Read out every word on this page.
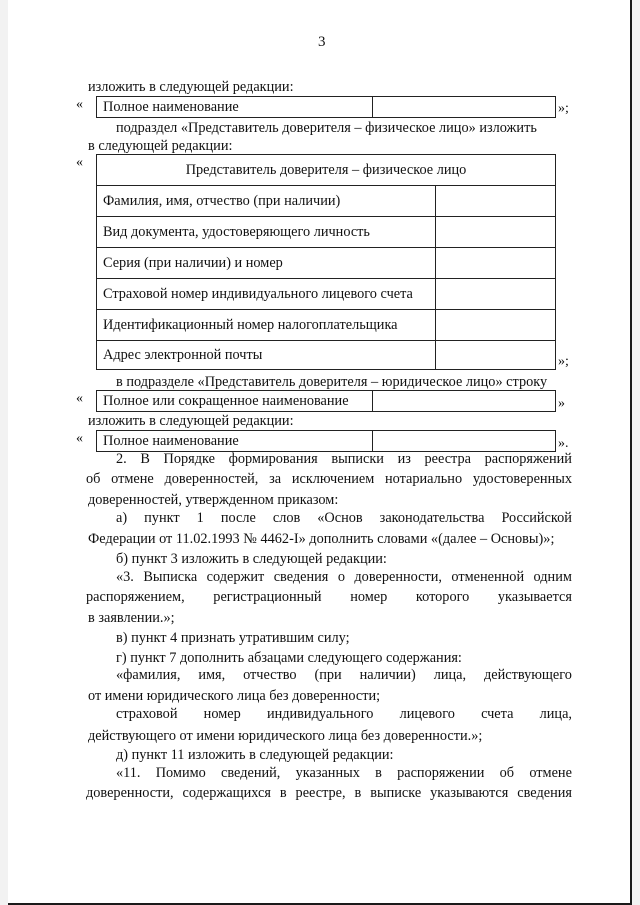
3
изложить в следующей редакции:
«	Полное наименование	»;
подраздел «Представитель доверителя – физическое лицо» изложить
в следующей редакции:
«	Представитель доверителя – физическое лицо
Фамилия, имя, отчество (при наличии)
Вид документа, удостоверяющего личность
Серия (при наличии) и номер
Страховой номер индивидуального лицевого счета
Идентификационный номер налогоплательщика
Адрес электронной почты	»;
в подразделе «Представитель доверителя – юридическое лицо» строку
«	Полное или сокращенное наименование	»
изложить в следующей редакции:
«	Полное наименование	».
2. В Порядке формирования выписки из реестра распоряжений
об отмене доверенностей, за исключением нотариально удостоверенных
доверенностей, утвержденном приказом:
а) пункт 1 после слов «Основ законодательства Российской
Федерации от 11.02.1993 № 4462-I» дополнить словами «(далее – Основы)»;
б) пункт 3 изложить в следующей редакции:
«3. Выписка содержит сведения о доверенности, отмененной одним
распоряжением, регистрационный номер которого указывается
в заявлении.»;
в) пункт 4 признать утратившим силу;
г) пункт 7 дополнить абзацами следующего содержания:
«фамилия, имя, отчество (при наличии) лица, действующего
от имени юридического лица без доверенности;
страховой номер индивидуального лицевого счета лица,
действующего от имени юридического лица без доверенности.»;
д) пункт 11 изложить в следующей редакции:
«11. Помимо сведений, указанных в распоряжении об отмене
доверенности, содержащихся в реестре, в выписке указываются сведения
